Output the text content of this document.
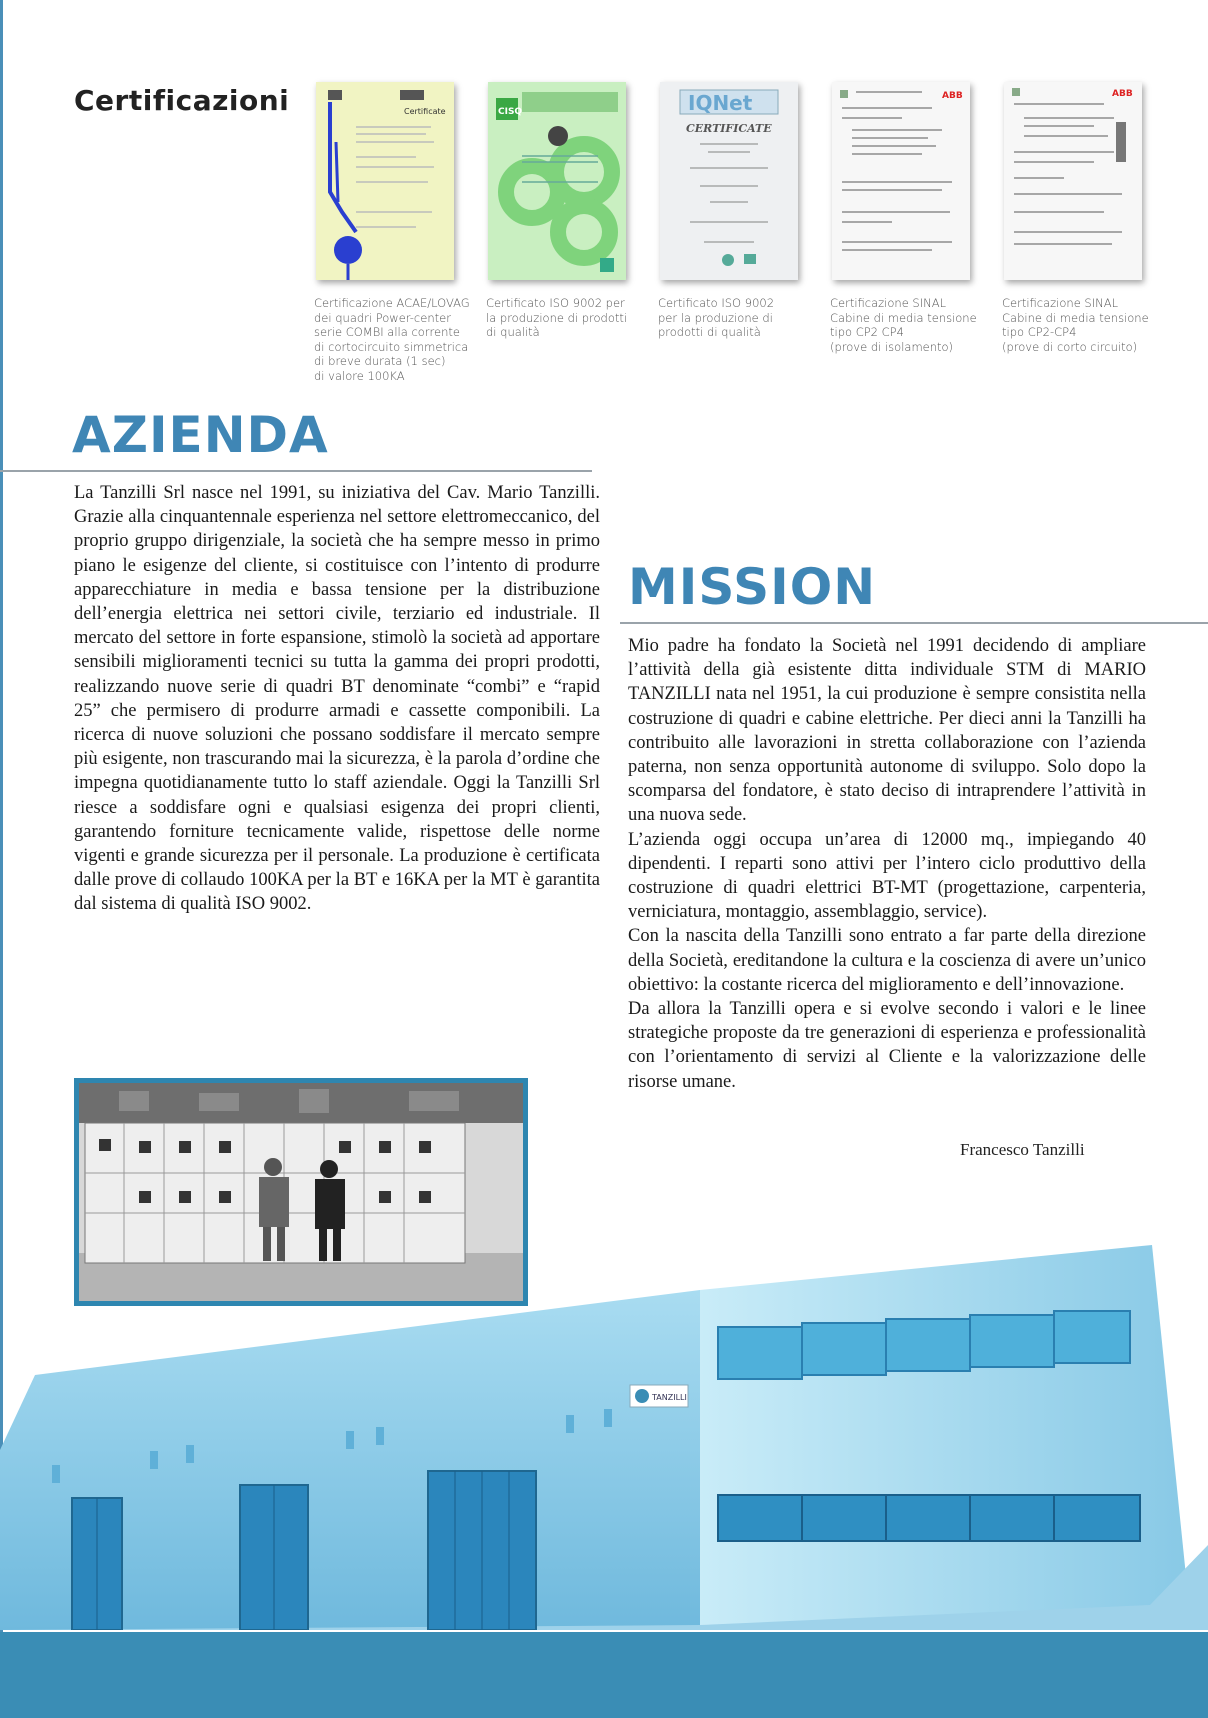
Certificazioni	Certificate
Certificazione ACAE/LOVAG
dei quadri Power-center
serie COMBI alla corrente
di cortocircuito simmetrica
di breve durata (1 sec)
di valore 100KA
CISQ
Certificato ISO 9002 per
la produzione di prodotti
di qualità
IQNet
CERTIFICATE
Certificato ISO 9002
per la produzione di
prodotti di qualità
ABB
Certificazione SINAL
Cabine di media tensione
tipo CP2 CP4
(prove di isolamento)
ABB
Certificazione SINAL
Cabine di media tensione
tipo CP2-CP4
(prove di corto circuito)
AZIENDA

La Tanzilli Srl nasce nel 1991, su iniziativa del Cav. Mario Tanzilli. Grazie alla cinquantennale esperienza nel settore elettromeccanico, del proprio gruppo dirigenziale, la società che ha sempre messo in primo piano le esigenze del cliente, si costituisce con l’intento di produrre apparecchiature in media e bassa tensione per la distribuzione dell’energia elettrica nei settori civile, terziario ed industriale. Il mercato del settore in forte espansione, stimolò la società ad apportare sensibili miglioramenti tecnici su tutta la gamma dei propri prodotti, realizzando nuove serie di quadri BT denominate “combi” e “rapid 25” che permisero di produrre armadi e cassette componibili. La ricerca di nuove soluzioni che possano soddisfare il mercato sempre più esigente, non trascurando mai la sicurezza, è la parola d’ordine che impegna quotidianamente tutto lo staff aziendale. Oggi la Tanzilli Srl riesce a soddisfare ogni e qualsiasi esigenza dei propri clienti, garantendo forniture tecnicamente valide, rispettose delle norme vigenti e grande sicurezza per il personale. La produzione è certificata dalle prove di collaudo 100KA per la BT e 16KA per la MT è garantita dal sistema di qualità ISO 9002.

MISSION

Mio padre ha fondato la Società nel 1991 decidendo di ampliare l’attività della già esistente ditta individuale STM di MARIO TANZILLI nata nel 1951, la cui produzione è sempre consistita nella costruzione di quadri e cabine elettriche. Per dieci anni la Tanzilli ha contribuito alle lavorazioni in stretta collaborazione con l’azienda paterna, non senza opportunità autonome di sviluppo. Solo dopo la scomparsa del fondatore, è stato deciso di intraprendere l’attività in una nuova sede.

L’azienda oggi occupa un’area di 12000 mq., impiegando 40 dipendenti. I reparti sono attivi per l’intero ciclo produttivo della costruzione di quadri elettrici BT-MT (progettazione, carpenteria, verniciatura, montaggio, assemblaggio, service).

Con la nascita della Tanzilli sono entrato a far parte della direzione della Società, ereditandone la cultura e la coscienza di avere un’unico obiettivo: la costante ricerca del miglioramento e dell’innovazione.

Da allora la Tanzilli opera e si evolve secondo i valori e le linee strategiche proposte da tre generazioni di esperienza e professionalità con l’orientamento di servizi al Cliente e la valorizzazione delle risorse umane.

Francesco Tanzilli
TANZILLI
